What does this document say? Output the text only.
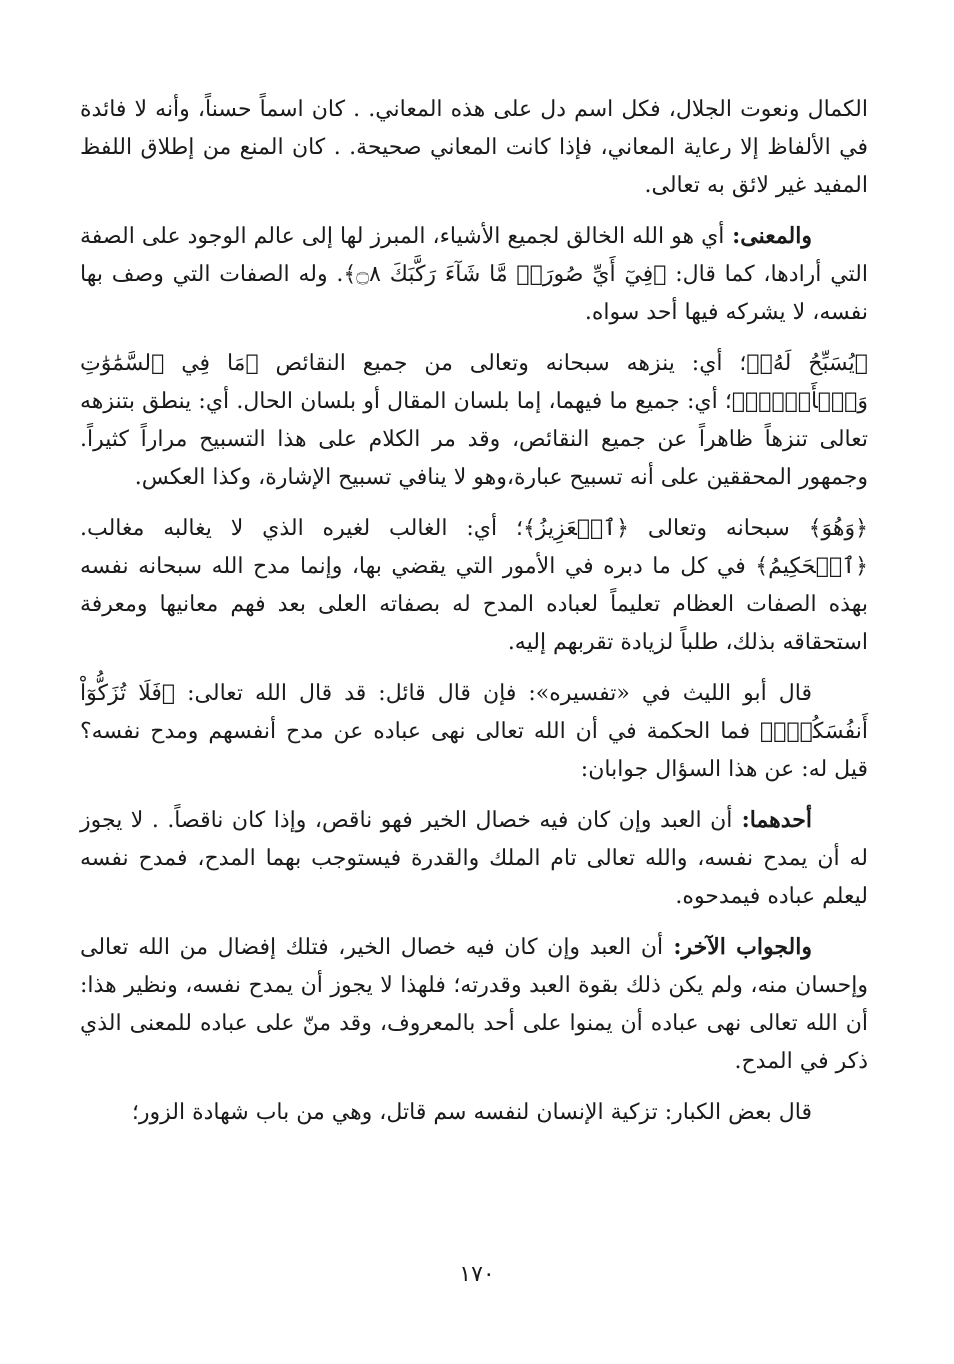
الكمال ونعوت الجلال، فكل اسم دل على هذه المعاني. . كان اسماً حسناً، وأنه لا فائدة في الألفاظ إلا رعاية المعاني، فإذا كانت المعاني صحيحة. . كان المنع من إطلاق اللفظ المفيد غير لائق به تعالى.

والمعنى: أي هو الله الخالق لجميع الأشياء، المبرز لها إلى عالم الوجود على الصفة التي أرادها، كما قال: ﴿فِيٓ أَيِّ صُورَةٖ مَّا شَآءَ رَكَّبَكَ ۝٨﴾. وله الصفات التي وصف بها نفسه، لا يشركه فيها أحد سواه.

﴿يُسَبِّحُ لَهُۥ﴾؛ أي: ينزهه سبحانه وتعالى من جميع النقائص ﴿مَا فِي ٱلسَّمَٰوَٰتِ وَٱلۡأَرۡضِۖ﴾؛ أي: جميع ما فيهما، إما بلسان المقال أو بلسان الحال. أي: ينطق بتنزهه تعالى تنزهاً ظاهراً عن جميع النقائص، وقد مر الكلام على هذا التسبيح مراراً كثيراً. وجمهور المحققين على أنه تسبيح عبارة،وهو لا ينافي تسبيح الإشارة، وكذا العكس.

﴿وَهُوَ﴾ سبحانه وتعالى ﴿ٱلۡعَزِيزُ﴾؛ أي: الغالب لغيره الذي لا يغالبه مغالب. ﴿ٱلۡحَكِيمُ﴾ في كل ما دبره في الأمور التي يقضي بها، وإنما مدح الله سبحانه نفسه بهذه الصفات العظام تعليماً لعباده المدح له بصفاته العلى بعد فهم معانيها ومعرفة استحقاقه بذلك، طلباً لزيادة تقربهم إليه.

قال أبو الليث في «تفسيره»: فإن قال قائل: قد قال الله تعالى: ﴿فَلَا تُزَكُّوٓاْ أَنفُسَكُمۡۖ﴾ فما الحكمة في أن الله تعالى نهى عباده عن مدح أنفسهم ومدح نفسه؟ قيل له: عن هذا السؤال جوابان:

أحدهما: أن العبد وإن كان فيه خصال الخير فهو ناقص، وإذا كان ناقصاً. . لا يجوز له أن يمدح نفسه، والله تعالى تام الملك والقدرة فيستوجب بهما المدح، فمدح نفسه ليعلم عباده فيمدحوه.

والجواب الآخر: أن العبد وإن كان فيه خصال الخير، فتلك إفضال من الله تعالى وإحسان منه، ولم يكن ذلك بقوة العبد وقدرته؛ فلهذا لا يجوز أن يمدح نفسه، ونظير هذا: أن الله تعالى نهى عباده أن يمنوا على أحد بالمعروف، وقد منّ على عباده للمعنى الذي ذكر في المدح.

قال بعض الكبار: تزكية الإنسان لنفسه سم قاتل، وهي من باب شهادة الزور؛

١٧٠
